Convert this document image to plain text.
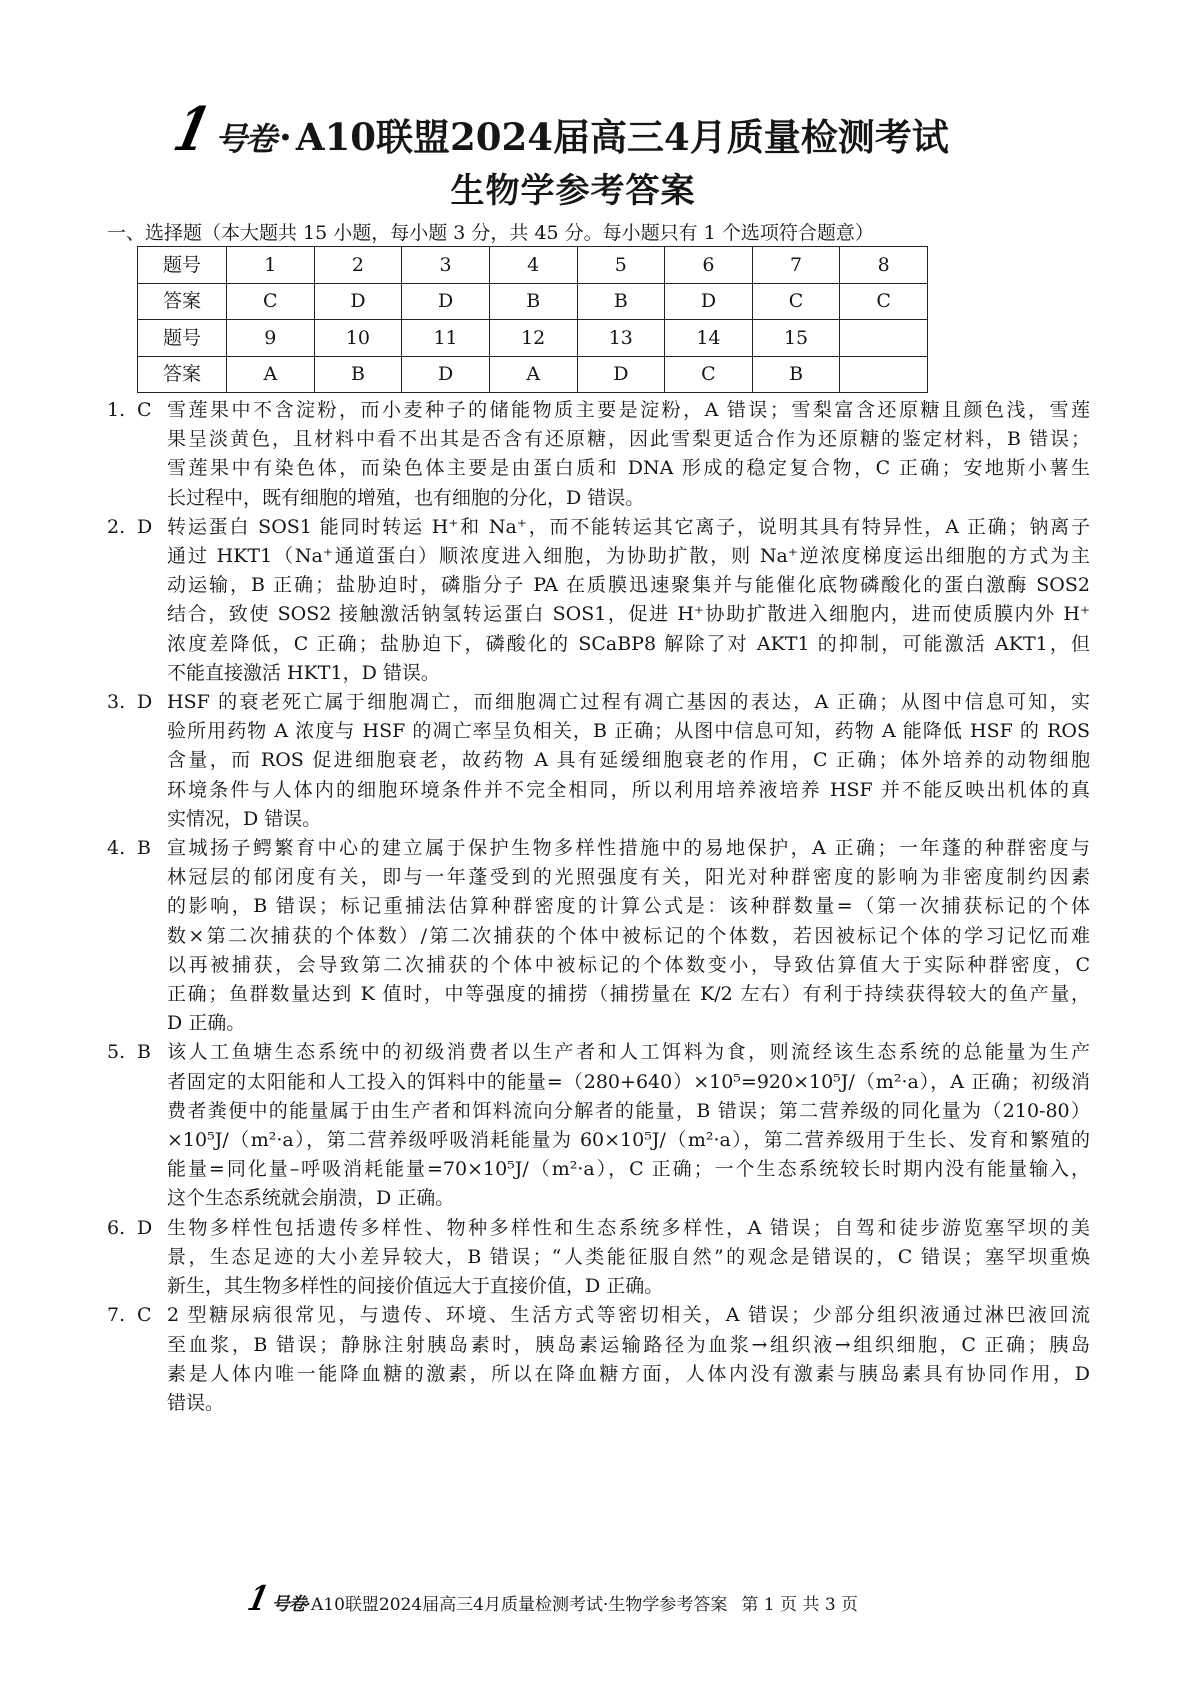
1号卷 · A10联盟2024届高三4月质量检测考试
生物学参考答案
一、选择题（本大题共 15 小题，每小题 3 分，共 45 分。每小题只有 1 个选项符合题意）
题号	1	2	3	4	5	6	7	8
答案	C	D	D	B	B	D	C	C
题号	9	10	11	12	13	14	15	
答案	A	B	D	A	D	C	B	
1. C 雪莲果中不含淀粉，而小麦种子的储能物质主要是淀粉，A 错误；雪梨富含还原糖且颜色浅，雪莲
果呈淡黄色，且材料中看不出其是否含有还原糖，因此雪梨更适合作为还原糖的鉴定材料，B 错误；
雪莲果中有染色体，而染色体主要是由蛋白质和 DNA 形成的稳定复合物，C 正确；安地斯小薯生
长过程中，既有细胞的增殖，也有细胞的分化，D 错误。
2. D 转运蛋白 SOS1 能同时转运 H⁺和 Na⁺，而不能转运其它离子，说明其具有特异性，A 正确；钠离子
通过 HKT1（Na⁺通道蛋白）顺浓度进入细胞，为协助扩散，则 Na⁺逆浓度梯度运出细胞的方式为主
动运输，B 正确；盐胁迫时，磷脂分子 PA 在质膜迅速聚集并与能催化底物磷酸化的蛋白激酶 SOS2
结合，致使 SOS2 接触激活钠氢转运蛋白 SOS1，促进 H⁺协助扩散进入细胞内，进而使质膜内外 H⁺
浓度差降低，C 正确；盐胁迫下，磷酸化的 SCaBP8 解除了对 AKT1 的抑制，可能激活 AKT1，但
不能直接激活 HKT1，D 错误。
3. D HSF 的衰老死亡属于细胞凋亡，而细胞凋亡过程有凋亡基因的表达，A 正确；从图中信息可知，实
验所用药物 A 浓度与 HSF 的凋亡率呈负相关，B 正确；从图中信息可知，药物 A 能降低 HSF 的 ROS
含量，而 ROS 促进细胞衰老，故药物 A 具有延缓细胞衰老的作用，C 正确；体外培养的动物细胞
环境条件与人体内的细胞环境条件并不完全相同，所以利用培养液培养 HSF 并不能反映出机体的真
实情况，D 错误。
4. B 宣城扬子鳄繁育中心的建立属于保护生物多样性措施中的易地保护，A 正确；一年蓬的种群密度与
林冠层的郁闭度有关，即与一年蓬受到的光照强度有关，阳光对种群密度的影响为非密度制约因素
的影响，B 错误；标记重捕法估算种群密度的计算公式是：该种群数量=（第一次捕获标记的个体
数×第二次捕获的个体数）/第二次捕获的个体中被标记的个体数，若因被标记个体的学习记忆而难
以再被捕获，会导致第二次捕获的个体中被标记的个体数变小，导致估算值大于实际种群密度，C
正确；鱼群数量达到 K 值时，中等强度的捕捞（捕捞量在 K/2 左右）有利于持续获得较大的鱼产量，
D 正确。
5. B 该人工鱼塘生态系统中的初级消费者以生产者和人工饵料为食，则流经该生态系统的总能量为生产
者固定的太阳能和人工投入的饵料中的能量=（280+640）×10⁵=920×10⁵J/（m²·a），A 正确；初级消
费者粪便中的能量属于由生产者和饵料流向分解者的能量，B 错误；第二营养级的同化量为（210-80）
×10⁵J/（m²·a），第二营养级呼吸消耗能量为 60×10⁵J/（m²·a），第二营养级用于生长、发育和繁殖的
能量=同化量–呼吸消耗能量=70×10⁵J/（m²·a），C 正确；一个生态系统较长时期内没有能量输入，
这个生态系统就会崩溃，D 正确。
6. D 生物多样性包括遗传多样性、物种多样性和生态系统多样性，A 错误；自驾和徒步游览塞罕坝的美
景，生态足迹的大小差异较大，B 错误；“人类能征服自然”的观念是错误的，C 错误；塞罕坝重焕
新生，其生物多样性的间接价值远大于直接价值，D 正确。
7. C 2 型糖尿病很常见，与遗传、环境、生活方式等密切相关，A 错误；少部分组织液通过淋巴液回流
至血浆，B 错误；静脉注射胰岛素时，胰岛素运输路径为血浆→组织液→组织细胞，C 正确；胰岛
素是人体内唯一能降血糖的激素，所以在降血糖方面，人体内没有激素与胰岛素具有协同作用，D
错误。
1号卷·A10联盟2024届高三4月质量检测考试·生物学参考答案 第 1 页 共 3 页
